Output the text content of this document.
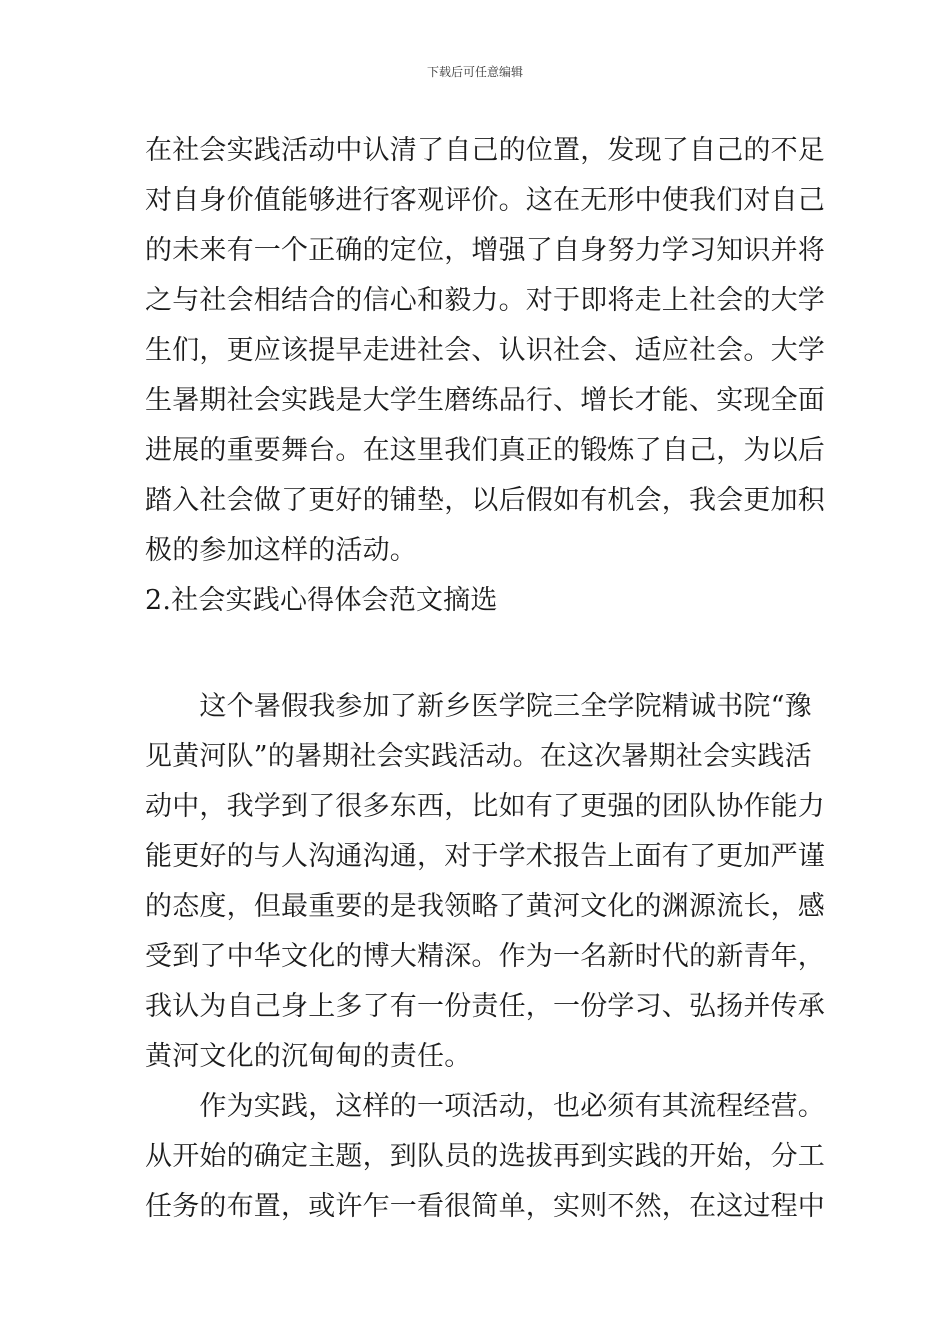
下载后可任意编辑
在社会实践活动中认清了自己的位置，发现了自己的不足
对自身价值能够进行客观评价。这在无形中使我们对自己
的未来有一个正确的定位，增强了自身努力学习知识并将
之与社会相结合的信心和毅力。对于即将走上社会的大学
生们，更应该提早走进社会、认识社会、适应社会。大学
生暑期社会实践是大学生磨练品行、增长才能、实现全面
进展的重要舞台。在这里我们真正的锻炼了自己，为以后
踏入社会做了更好的铺垫，以后假如有机会，我会更加积
极的参加这样的活动。
2.社会实践心得体会范文摘选
　　这个暑假我参加了新乡医学院三全学院精诚书院“豫
见黄河队”的暑期社会实践活动。在这次暑期社会实践活
动中，我学到了很多东西，比如有了更强的团队协作能力
能更好的与人沟通沟通，对于学术报告上面有了更加严谨
的态度，但最重要的是我领略了黄河文化的渊源流长，感
受到了中华文化的博大精深。作为一名新时代的新青年，
我认为自己身上多了有一份责任，一份学习、弘扬并传承
黄河文化的沉甸甸的责任。
　　作为实践，这样的一项活动，也必须有其流程经营。
从开始的确定主题，到队员的选拔再到实践的开始，分工
任务的布置，或许乍一看很简单，实则不然，在这过程中
